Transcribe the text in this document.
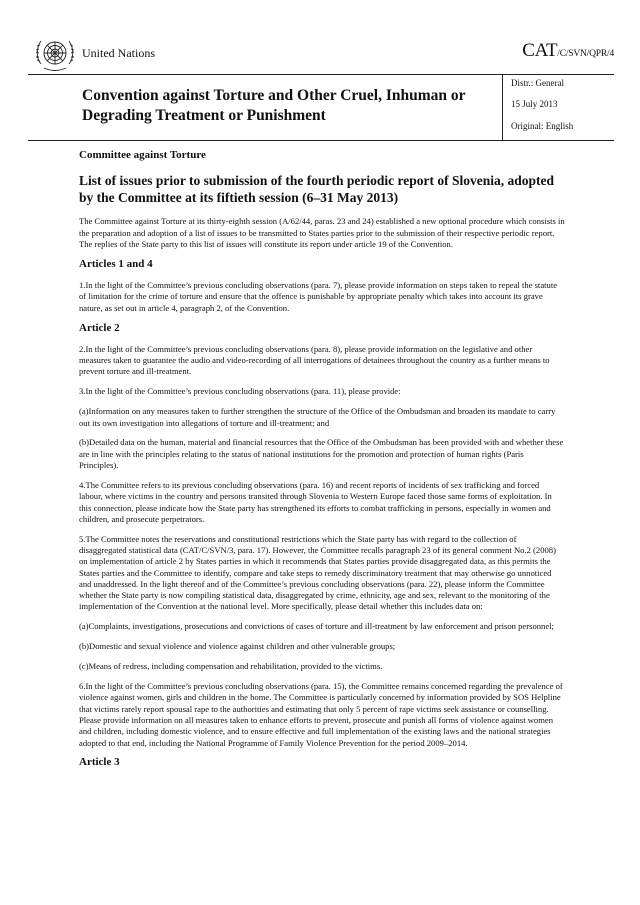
United Nations	CAT/C/SVN/QPR/4
Convention against Torture and Other Cruel, Inhuman or Degrading Treatment or Punishment
Distr.: General
15 July 2013
Original: English
Committee against Torture
List of issues prior to submission of the fourth periodic report of Slovenia, adopted by the Committee at its fiftieth session (6–31 May 2013)

The Committee against Torture at its thirty-eighth session (A/62/44, paras. 23 and 24) established a new optional procedure which consists in the preparation and adoption of a list of issues to be transmitted to States parties prior to the submission of their respective periodic report. The replies of the State party to this list of issues will constitute its report under article 19 of the Convention.

Articles 1 and 4

1.In the light of the Committee’s previous concluding observations (para. 7), please provide information on steps taken to repeal the statute of limitation for the crime of torture and ensure that the offence is punishable by appropriate penalty which takes into account its grave nature, as set out in article 4, paragraph 2, of the Convention.

Article 2

2.In the light of the Committee’s previous concluding observations (para. 8), please provide information on the legislative and other measures taken to guarantee the audio and video-recording of all interrogations of detainees throughout the country as a further means to prevent torture and ill-treatment.

3.In the light of the Committee’s previous concluding observations (para. 11), please provide:

(a)Information on any measures taken to further strengthen the structure of the Office of the Ombudsman and broaden its mandate to carry out its own investigation into allegations of torture and ill-treatment; and

(b)Detailed data on the human, material and financial resources that the Office of the Ombudsman has been provided with and whether these are in line with the principles relating to the status of national institutions for the promotion and protection of human rights (Paris Principles).

4.The Committee refers to its previous concluding observations (para. 16) and recent reports of incidents of sex trafficking and forced labour, where victims in the country and persons transited through Slovenia to Western Europe faced those same forms of exploitation. In this connection, please indicate how the State party has strengthened its efforts to combat trafficking in persons, especially in women and children, and prosecute perpetrators.

5.The Committee notes the reservations and constitutional restrictions which the State party has with regard to the collection of disaggregated statistical data (CAT/C/SVN/3, para. 17). However, the Committee recalls paragraph 23 of its general comment No.2 (2008) on implementation of article 2 by States parties in which it recommends that States parties provide disaggregated data, as this permits the States parties and the Committee to identify, compare and take steps to remedy discriminatory treatment that may otherwise go unnoticed and unaddressed. In the light thereof and of the Committee’s previous concluding observations (para. 22), please inform the Committee whether the State party is now compiling statistical data, disaggregated by crime, ethnicity, age and sex, relevant to the monitoring of the implementation of the Convention at the national level. More specifically, please detail whether this includes data on:

(a)Complaints, investigations, prosecutions and convictions of cases of torture and ill-treatment by law enforcement and prison personnel;

(b)Domestic and sexual violence and violence against children and other vulnerable groups;

(c)Means of redress, including compensation and rehabilitation, provided to the victims.

6.In the light of the Committee’s previous concluding observations (para. 15), the Committee remains concerned regarding the prevalence of violence against women, girls and children in the home. The Committee is particularly concerned by information provided by SOS Helpline that victims rarely report spousal rape to the authorities and estimating that only 5 percent of rape victims seek assistance or counselling. Please provide information on all measures taken to enhance efforts to prevent, prosecute and punish all forms of violence against women and children, including domestic violence, and to ensure effective and full implementation of the existing laws and the national strategies adopted to that end, including the National Programme of Family Violence Prevention for the period 2009–2014.

Article 3
